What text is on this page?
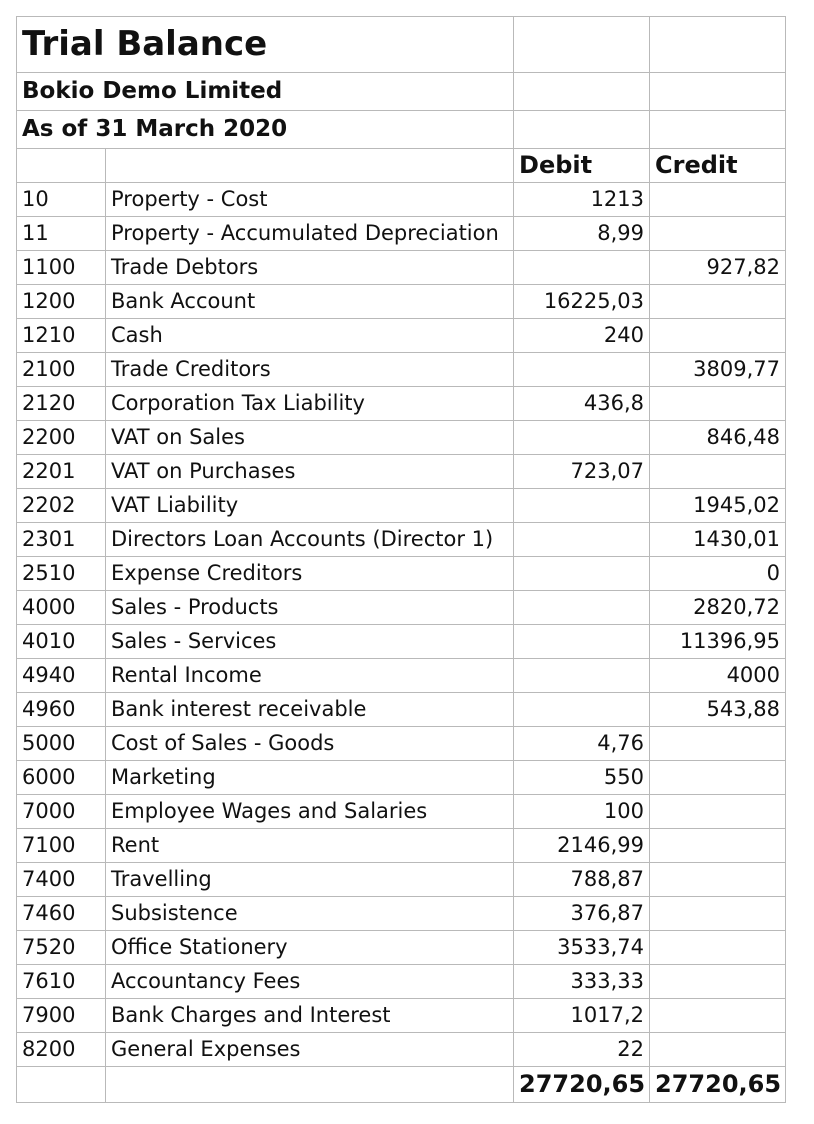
Trial Balance			
Bokio Demo Limited			
As of 31 March 2020			
		Debit	Credit
10	Property - Cost	1213	
11	Property - Accumulated Depreciation	8,99	
1100	Trade Debtors		927,82
1200	Bank Account	16225,03	
1210	Cash	240	
2100	Trade Creditors		3809,77
2120	Corporation Tax Liability	436,8	
2200	VAT on Sales		846,48
2201	VAT on Purchases	723,07	
2202	VAT Liability		1945,02
2301	Directors Loan Accounts (Director 1)		1430,01
2510	Expense Creditors		0
4000	Sales - Products		2820,72
4010	Sales - Services		11396,95
4940	Rental Income		4000
4960	Bank interest receivable		543,88
5000	Cost of Sales - Goods	4,76	
6000	Marketing	550	
7000	Employee Wages and Salaries	100	
7100	Rent	2146,99	
7400	Travelling	788,87	
7460	Subsistence	376,87	
7520	Office Stationery	3533,74	
7610	Accountancy Fees	333,33	
7900	Bank Charges and Interest	1017,2	
8200	General Expenses	22	
		27720,65	27720,65
